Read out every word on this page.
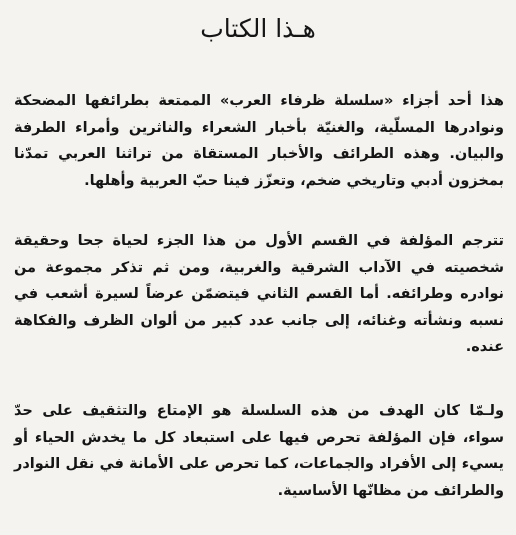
هـذا الكتاب

هذا أحد أجزاء «سلسلة ظرفاء العرب» الممتعة بطرائفها المضحكة ونوادرها المسلّية، والغنيّة بأخبار الشعراء والناثرين وأمراء الطرفة والبيان. وهذه الطرائف والأخبار المستقاة من تراثنا العربي تمدّنا بمخزون أدبي وتاريخي ضخم، وتعزّز فينا حبّ العربية وأهلها.

تترجم المؤلفة في القسم الأول من هذا الجزء لحياة جحا وحقيقة شخصيته في الآداب الشرقية والغربية، ومن ثم تذكر مجموعة من نوادره وطرائفه. أما القسم الثاني فيتضمّن عرضاً لسيرة أشعب في نسبه ونشأته وغنائه، إلى جانب عدد كبير من ألوان الظرف والفكاهة عنده.

ولـمّا كان الهدف من هذه السلسلة هو الإمتاع والتثقيف على حدّ سواء، فإن المؤلفة تحرص فيها على استبعاد كل ما يخدش الحياء أو يسيء إلى الأفراد والجماعات، كما تحرص على الأمانة في نقل النوادر والطرائف من مظانّها الأساسية.
